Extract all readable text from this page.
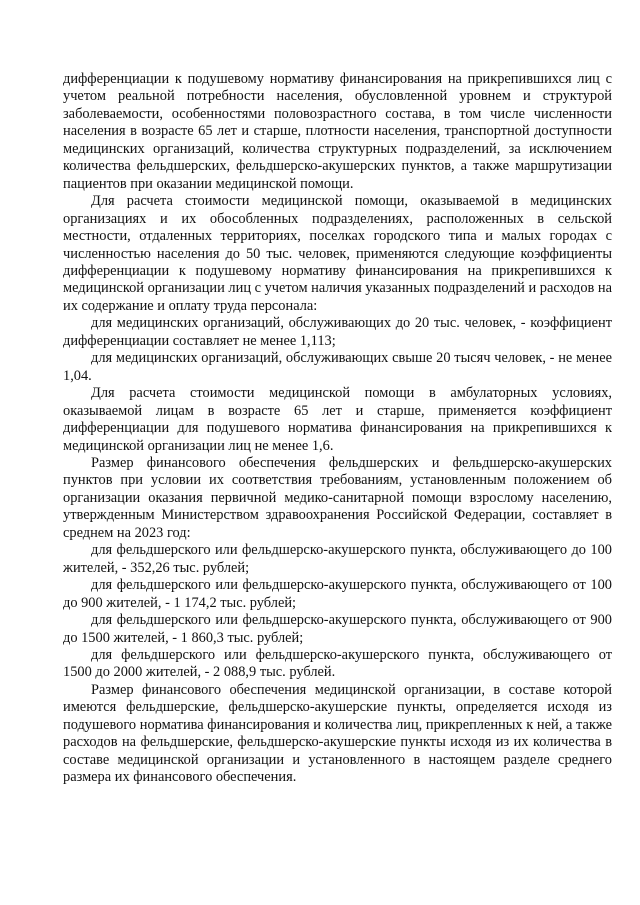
дифференциации к подушевому нормативу финансирования на прикрепившихся лиц с учетом реальной потребности населения, обусловленной уровнем и структурой заболеваемости, особенностями половозрастного состава, в том числе численности населения в возрасте 65 лет и старше, плотности населения, транспортной доступности медицинских организаций, количества структурных подразделений, за исключением количества фельдшерских, фельдшерско-акушерских пунктов, а также маршрутизации пациентов при оказании медицинской помощи.

Для расчета стоимости медицинской помощи, оказываемой в медицинских организациях и их обособленных подразделениях, расположенных в сельской местности, отдаленных территориях, поселках городского типа и малых городах с численностью населения до 50 тыс. человек, применяются следующие коэффициенты дифференциации к подушевому нормативу финансирования на прикрепившихся к медицинской организации лиц с учетом наличия указанных подразделений и расходов на их содержание и оплату труда персонала:

для медицинских организаций, обслуживающих до 20 тыс. человек, - коэффициент дифференциации составляет не менее 1,113;

для медицинских организаций, обслуживающих свыше 20 тысяч человек, - не менее 1,04.

Для расчета стоимости медицинской помощи в амбулаторных условиях, оказываемой лицам в возрасте 65 лет и старше, применяется коэффициент дифференциации для подушевого норматива финансирования на прикрепившихся к медицинской организации лиц не менее 1,6.

Размер финансового обеспечения фельдшерских и фельдшерско-акушерских пунктов при условии их соответствия требованиям, установленным положением об организации оказания первичной медико-санитарной помощи взрослому населению, утвержденным Министерством здравоохранения Российской Федерации, составляет в среднем на 2023 год:

для фельдшерского или фельдшерско-акушерского пункта, обслуживающего до 100 жителей, - 352,26 тыс. рублей;

для фельдшерского или фельдшерско-акушерского пункта, обслуживающего от 100 до 900 жителей, - 1 174,2 тыс. рублей;

для фельдшерского или фельдшерско-акушерского пункта, обслуживающего от 900 до 1500 жителей, - 1 860,3 тыс. рублей;

для фельдшерского или фельдшерско-акушерского пункта, обслуживающего от 1500 до 2000 жителей, - 2 088,9 тыс. рублей.

Размер финансового обеспечения медицинской организации, в составе которой имеются фельдшерские, фельдшерско-акушерские пункты, определяется исходя из подушевого норматива финансирования и количества лиц, прикрепленных к ней, а также расходов на фельдшерские, фельдшерско-акушерские пункты исходя из их количества в составе медицинской организации и установленного в настоящем разделе среднего размера их финансового обеспечения.
